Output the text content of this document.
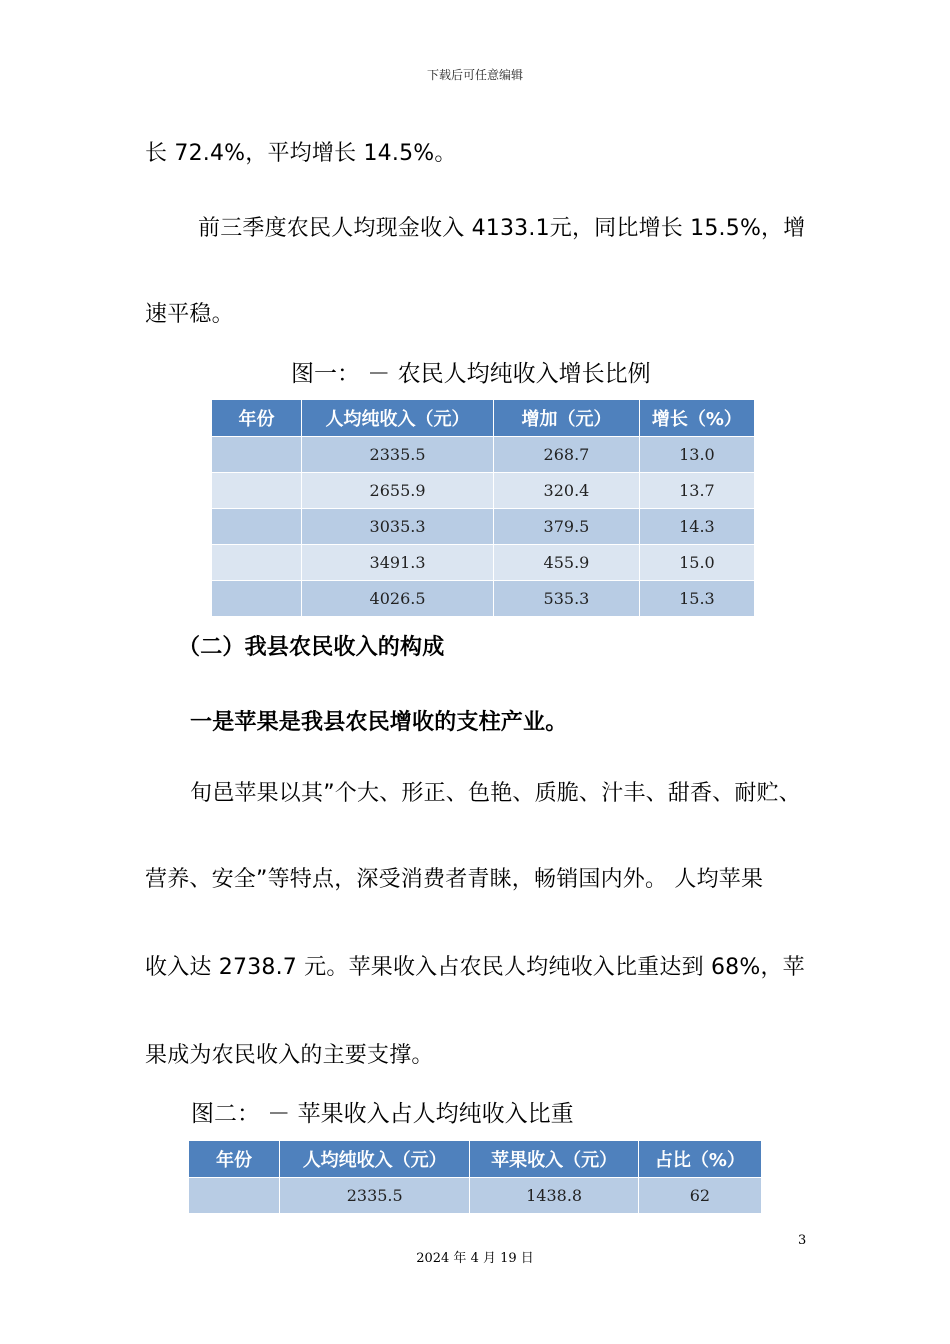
下载后可任意编辑
长 72.4%，平均增长 14.5%。
前三季度农民人均现金收入 4133.1元，同比增长 15.5%，增
速平稳。
图一： － 农民人均纯收入增长比例
年份	人均纯收入（元）	增加（元）	增长（%）
	2335.5	268.7	13.0
	2655.9	320.4	13.7
	3035.3	379.5	14.3
	3491.3	455.9	15.0
	4026.5	535.3	15.3
（二）我县农民收入的构成
一是苹果是我县农民增收的支柱产业。
旬邑苹果以其”个大、形正、色艳、质脆、汁丰、甜香、耐贮、
营养、安全”等特点，深受消费者青睐，畅销国内外。 人均苹果
收入达 2738.7 元。苹果收入占农民人均纯收入比重达到 68%，苹
果成为农民收入的主要支撑。
图二： － 苹果收入占人均纯收入比重
年份	人均纯收入（元）	苹果收入（元）	占比（%）
	2335.5	1438.8	62
3
2024 年 4 月 19 日
